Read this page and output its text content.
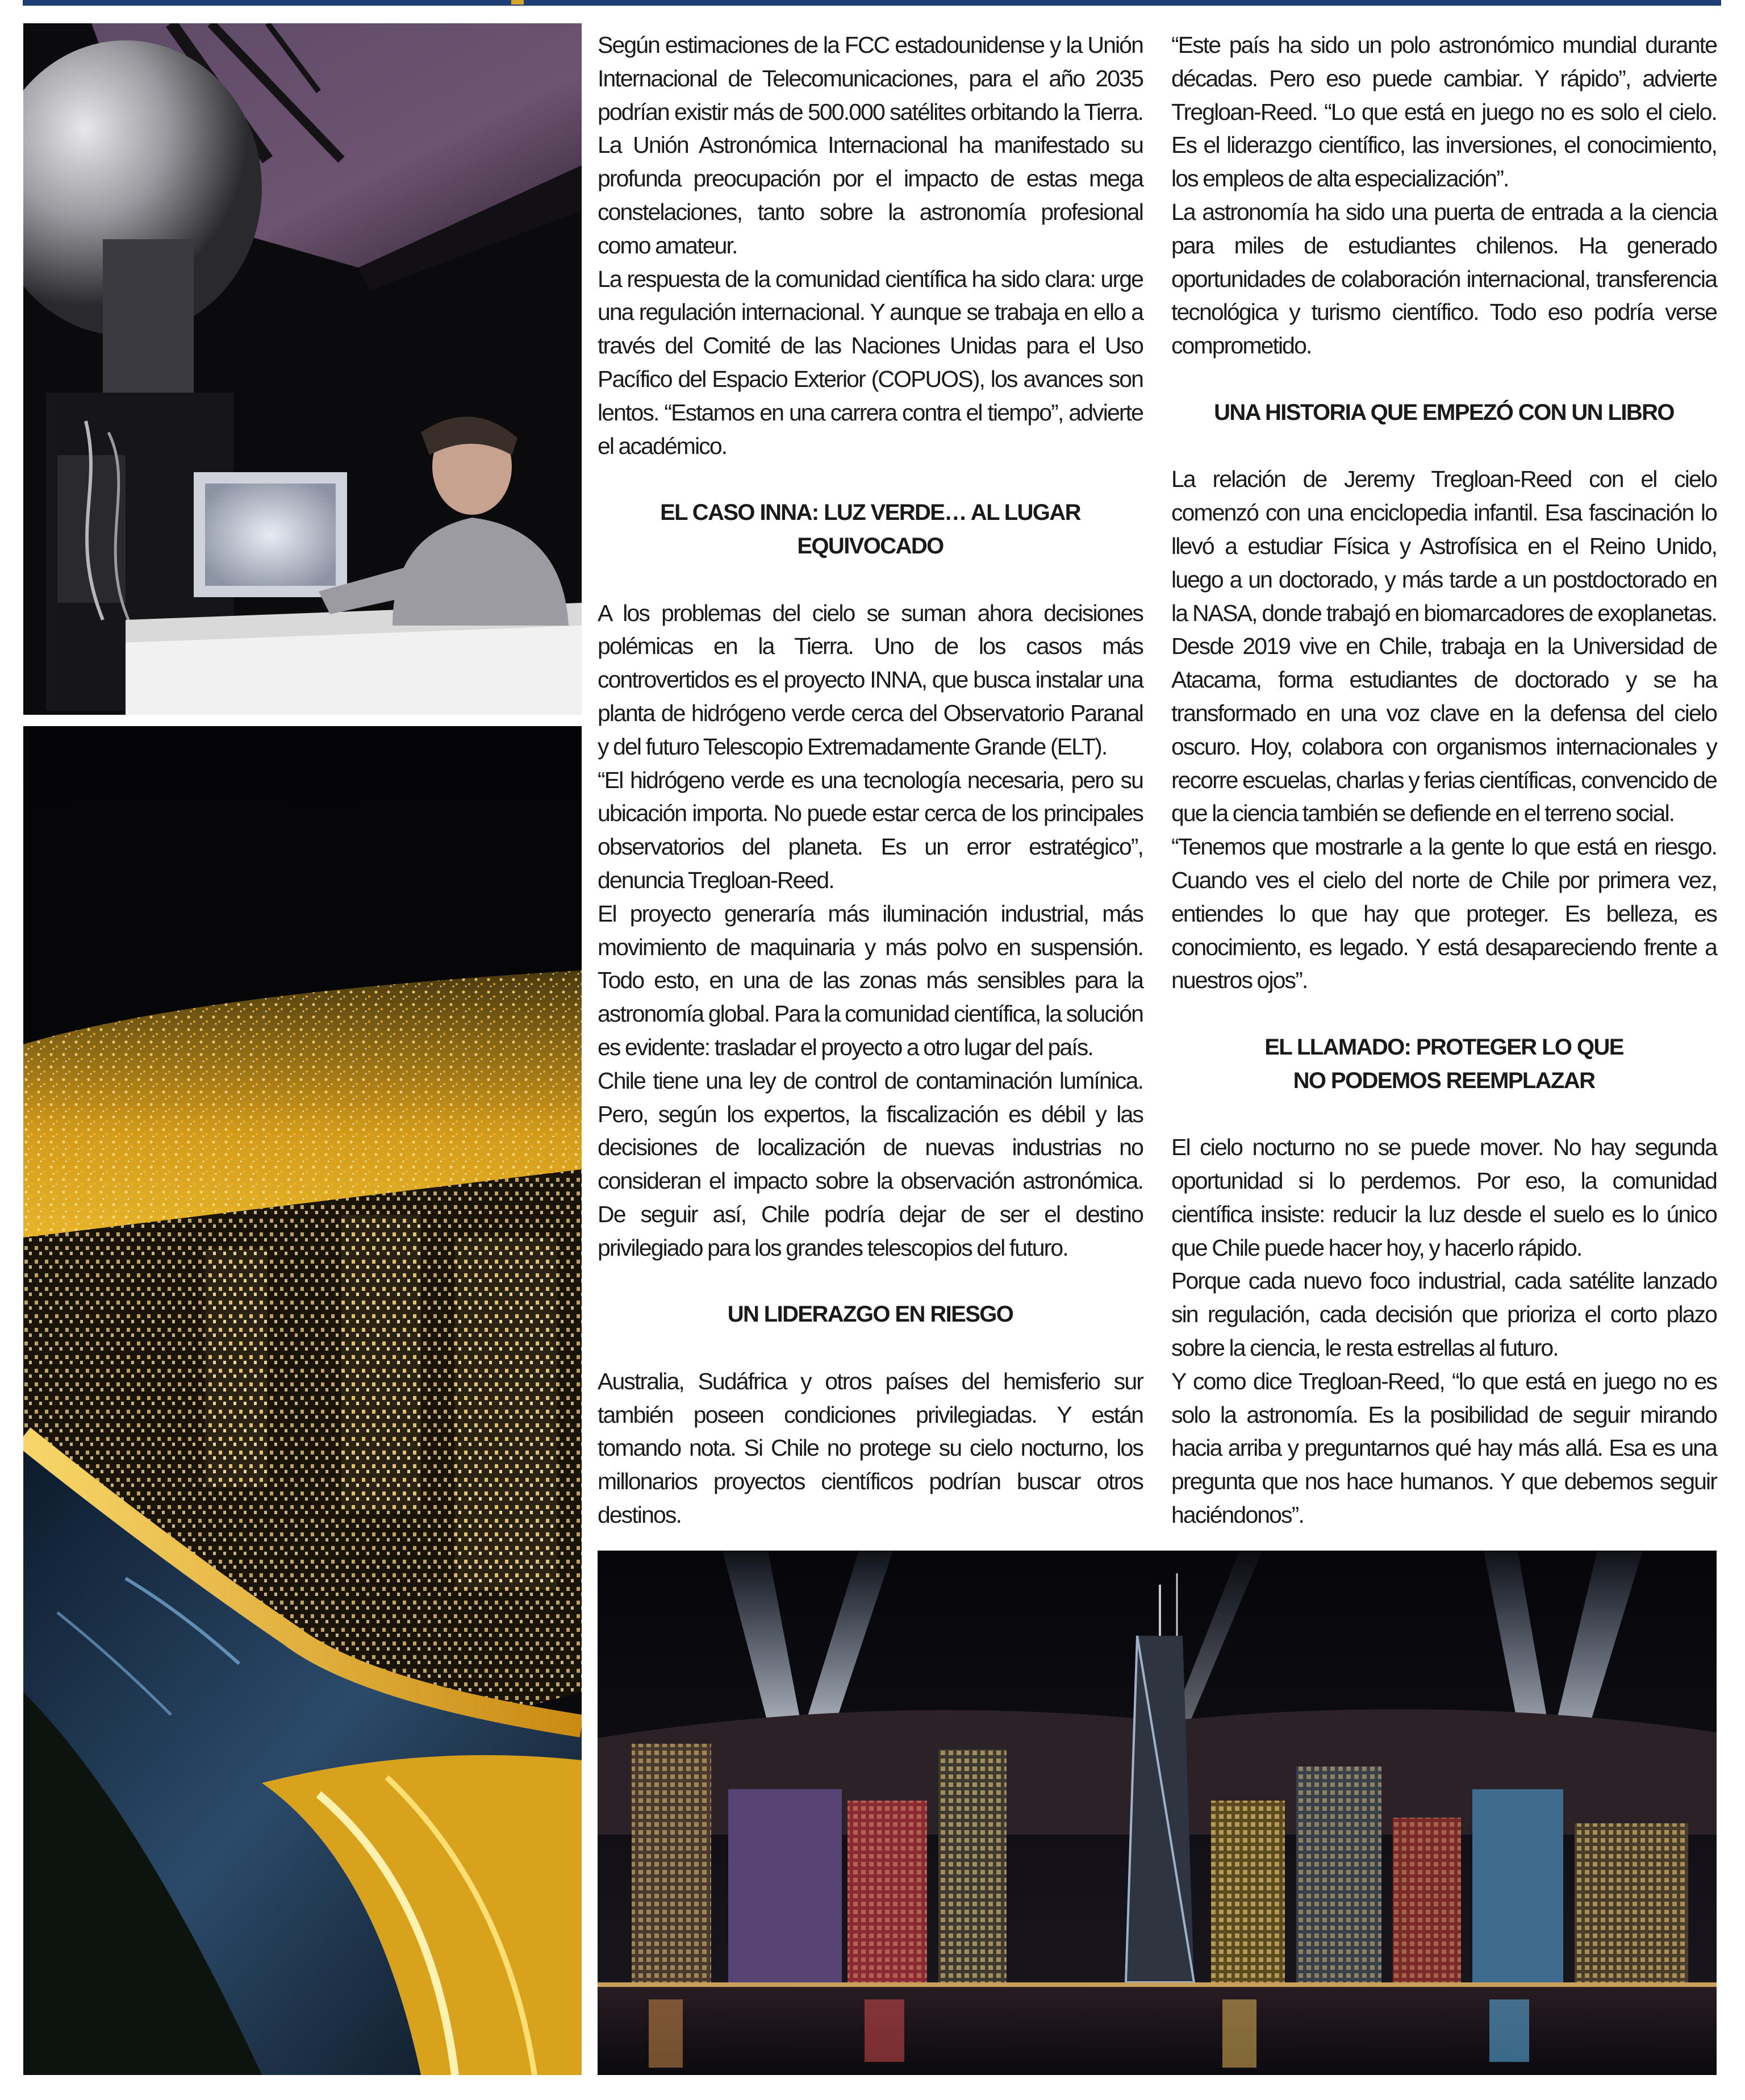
Según estimaciones de la FCC estadounidense y la Unión Internacional de Telecomunicaciones, para el año 2035 podrían existir más de 500.000 satélites orbitando la Tierra. La Unión Astronómica Internacional ha manifestado su profunda preocupación por el impacto de estas mega constelaciones, tanto sobre la astronomía profesional como amateur.

La respuesta de la comunidad científica ha sido clara: urge una regulación internacional. Y aunque se trabaja en ello a través del Comité de las Naciones Unidas para el Uso Pacífico del Espacio Exterior (COPUOS), los avances son lentos. “Estamos en una carrera contra el tiempo”, advierte el académico.

EL CASO INNA: LUZ VERDE… AL LUGAR EQUIVOCADO

A los problemas del cielo se suman ahora decisiones polémicas en la Tierra. Uno de los casos más controvertidos es el proyecto INNA, que busca instalar una planta de hidrógeno verde cerca del Observatorio Paranal y del futuro Telescopio Extremadamente Grande (ELT).

“El hidrógeno verde es una tecnología necesaria, pero su ubicación importa. No puede estar cerca de los principales observatorios del planeta. Es un error estratégico”, denuncia Tregloan-Reed.

El proyecto generaría más iluminación industrial, más movimiento de maquinaria y más polvo en suspensión. Todo esto, en una de las zonas más sensibles para la astronomía global. Para la comunidad científica, la solución es evidente: trasladar el proyecto a otro lugar del país.

Chile tiene una ley de control de contaminación lumínica. Pero, según los expertos, la fiscalización es débil y las decisiones de localización de nuevas industrias no consideran el impacto sobre la observación astronómica. De seguir así, Chile podría dejar de ser el destino privilegiado para los grandes telescopios del futuro.

UN LIDERAZGO EN RIESGO

Australia, Sudáfrica y otros países del hemisferio sur también poseen condiciones privilegiadas. Y están tomando nota. Si Chile no protege su cielo nocturno, los millonarios proyectos científicos podrían buscar otros destinos.

“Este país ha sido un polo astronómico mundial durante décadas. Pero eso puede cambiar. Y rápido”, advierte Tregloan-Reed. “Lo que está en juego no es solo el cielo. Es el liderazgo científico, las inversiones, el conocimiento, los empleos de alta especialización”.

La astronomía ha sido una puerta de entrada a la ciencia para miles de estudiantes chilenos. Ha generado oportunidades de colaboración internacional, transferencia tecnológica y turismo científico. Todo eso podría verse comprometido.

UNA HISTORIA QUE EMPEZÓ CON UN LIBRO

La relación de Jeremy Tregloan-Reed con el cielo comenzó con una enciclopedia infantil. Esa fascinación lo llevó a estudiar Física y Astrofísica en el Reino Unido, luego a un doctorado, y más tarde a un postdoctorado en la NASA, donde trabajó en biomarcadores de exoplanetas. Desde 2019 vive en Chile, trabaja en la Universidad de Atacama, forma estudiantes de doctorado y se ha transformado en una voz clave en la defensa del cielo oscuro. Hoy, colabora con organismos internacionales y recorre escuelas, charlas y ferias científicas, convencido de que la ciencia también se defiende en el terreno social.

“Tenemos que mostrarle a la gente lo que está en riesgo. Cuando ves el cielo del norte de Chile por primera vez, entiendes lo que hay que proteger. Es belleza, es conocimiento, es legado. Y está desapareciendo frente a nuestros ojos”.

EL LLAMADO: PROTEGER LO QUE
NO PODEMOS REEMPLAZAR

El cielo nocturno no se puede mover. No hay segunda oportunidad si lo perdemos. Por eso, la comunidad científica insiste: reducir la luz desde el suelo es lo único que Chile puede hacer hoy, y hacerlo rápido.

Porque cada nuevo foco industrial, cada satélite lanzado sin regulación, cada decisión que prioriza el corto plazo sobre la ciencia, le resta estrellas al futuro.

Y como dice Tregloan-Reed, “lo que está en juego no es solo la astronomía. Es la posibilidad de seguir mirando hacia arriba y preguntarnos qué hay más allá. Esa es una pregunta que nos hace humanos. Y que debemos seguir haciéndonos”.
